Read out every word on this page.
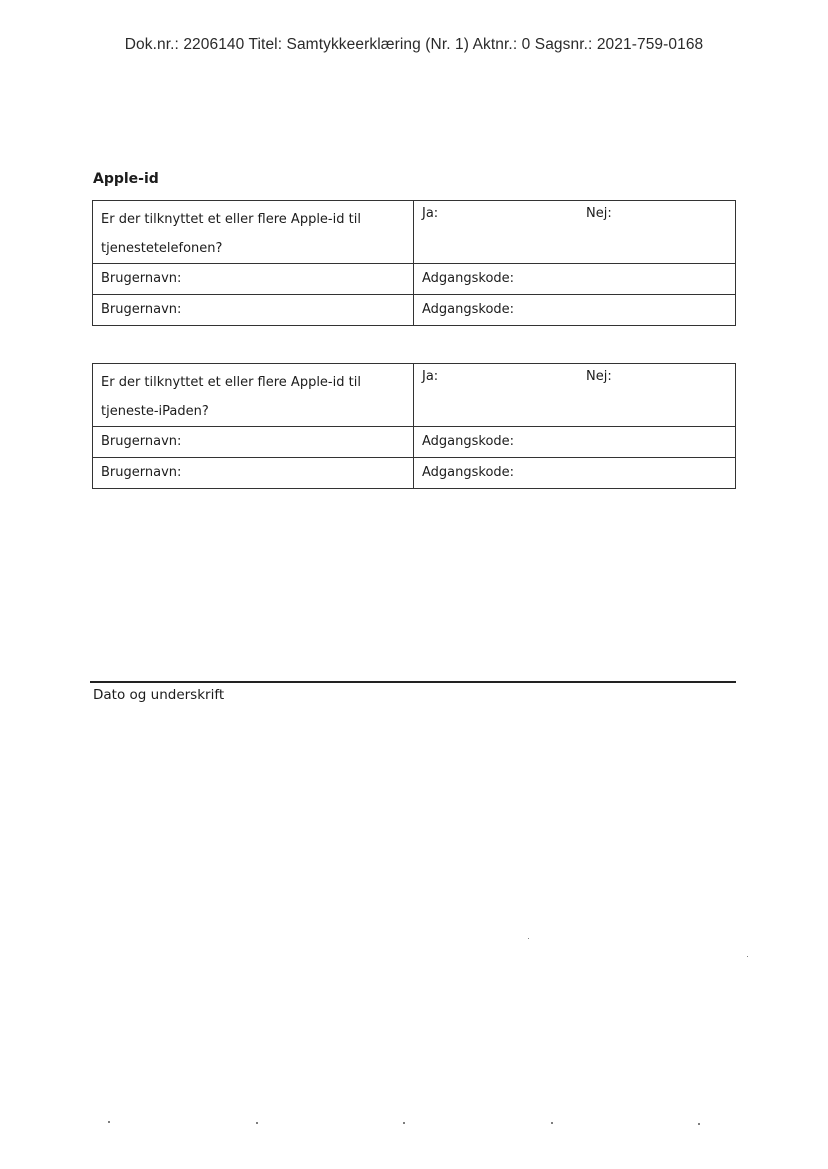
Dok.nr.: 2206140 Titel: Samtykkeerklæring (Nr. 1) Aktnr.: 0 Sagsnr.: 2021-759-0168
Apple-id
Er der tilknyttet et eller flere Apple-id til tjenestetelefonen?	Ja: Nej:

Brugernavn:	Adgangskode:

Brugernavn:	Adgangskode:
Er der tilknyttet et eller flere Apple-id til tjeneste-iPaden?	Ja: Nej:

Brugernavn:	Adgangskode:

Brugernavn:	Adgangskode:
Dato og underskrift
